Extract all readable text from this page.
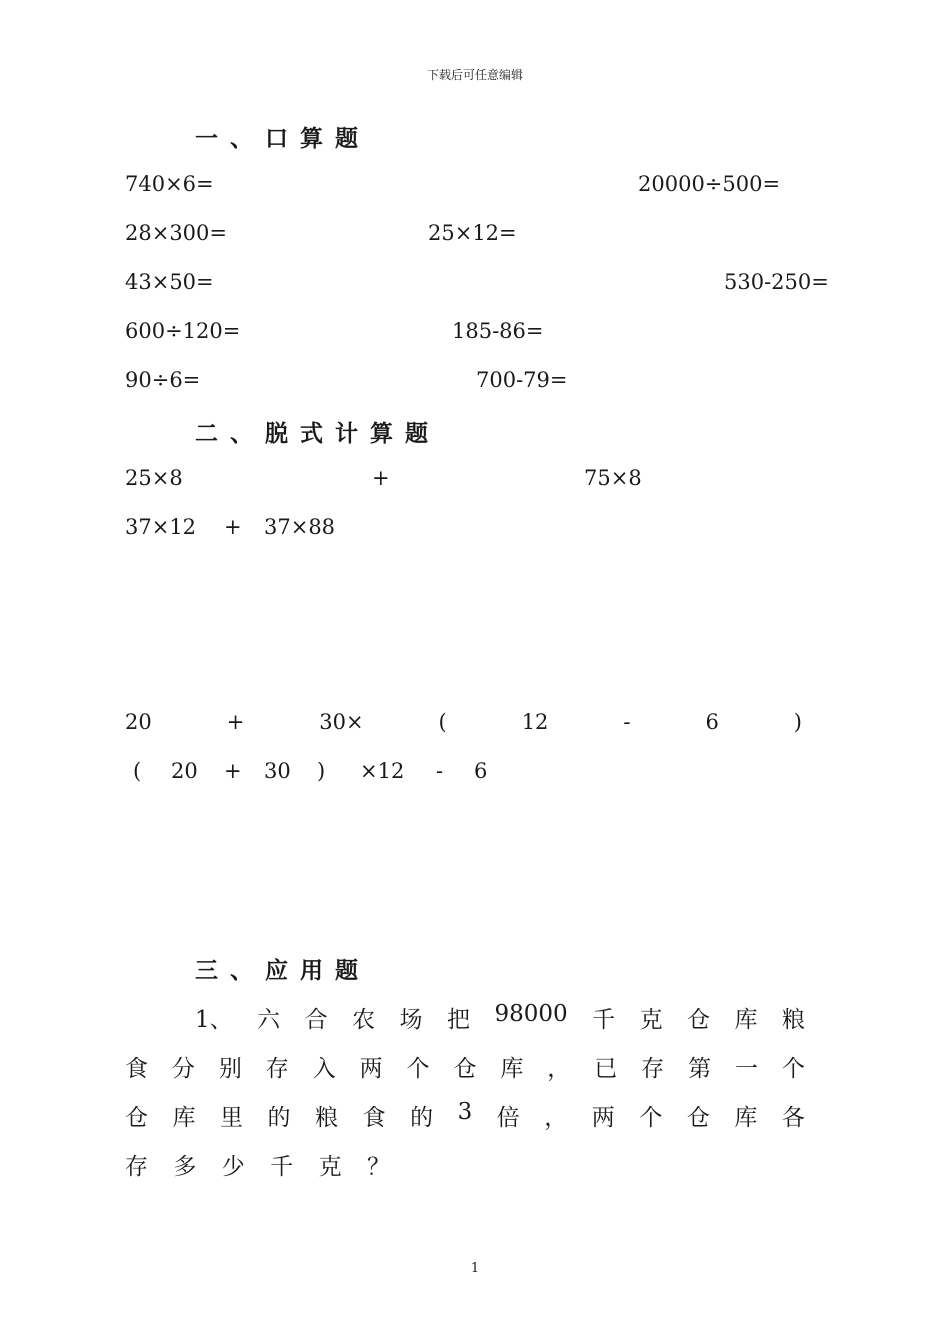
下载后可任意编辑
一 、 口 算 题
740×6=	20000÷500=
28×300=	25×12=
43×50=	530-250=
600÷120=	185-86=
90÷6=	700-79=
二 、 脱 式 计 算 题
25×8	+	75×8
37×12 + 37×88
20	+	30×	(	12	-	6	)
( 20 + 30 ) ×12 - 6
三 、 应 用 题
1、 六 合 农 场 把 98000 千 克 仓 库 粮
食 分 别 存 入 两 个 仓 库 ， 已 存 第 一 个
仓 库 里 的 粮 食 的 3 倍 ， 两 个 仓 库 各
存 多 少 千 克 ？
1
